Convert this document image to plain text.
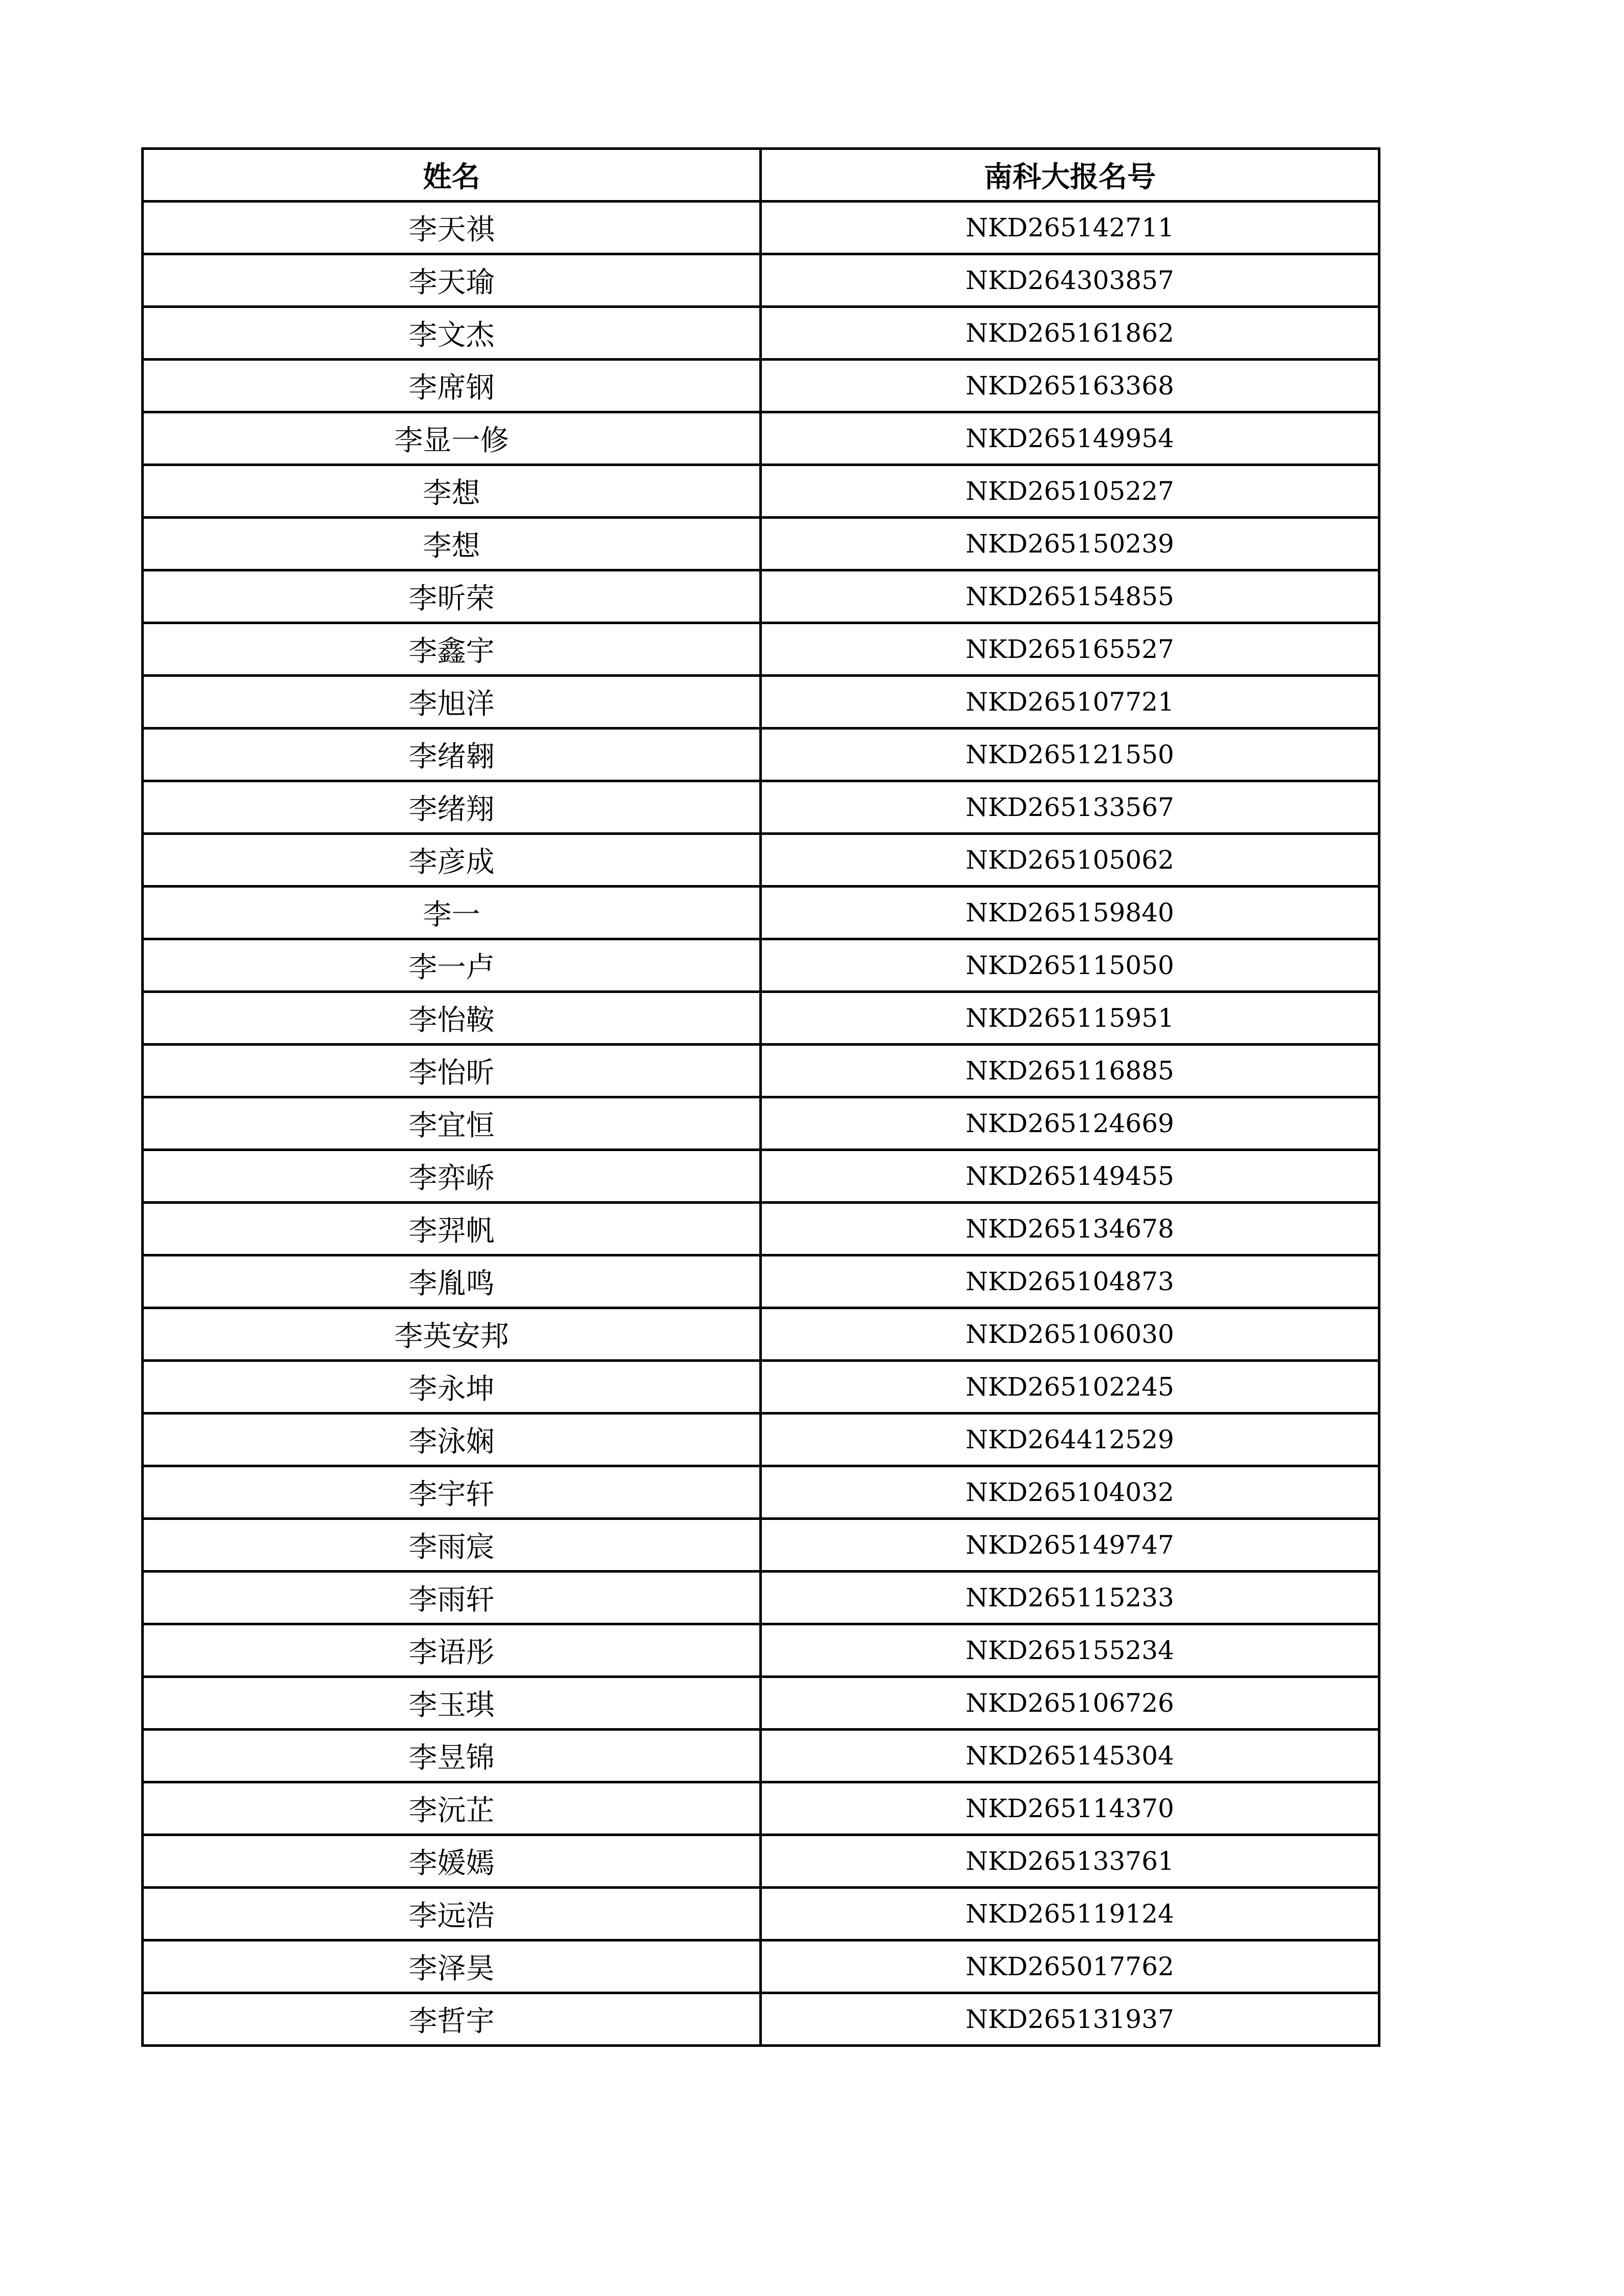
姓名	南科大报名号
李天祺	NKD265142711
李天瑜	NKD264303857
李文杰	NKD265161862
李席钢	NKD265163368
李显一修	NKD265149954
李想	NKD265105227
李想	NKD265150239
李昕荣	NKD265154855
李鑫宇	NKD265165527
李旭洋	NKD265107721
李绪翱	NKD265121550
李绪翔	NKD265133567
李彦成	NKD265105062
李一	NKD265159840
李一卢	NKD265115050
李怡鞍	NKD265115951
李怡昕	NKD265116885
李宜恒	NKD265124669
李弈峤	NKD265149455
李羿帆	NKD265134678
李胤鸣	NKD265104873
李英安邦	NKD265106030
李永坤	NKD265102245
李泳娴	NKD264412529
李宇轩	NKD265104032
李雨宸	NKD265149747
李雨轩	NKD265115233
李语彤	NKD265155234
李玉琪	NKD265106726
李昱锦	NKD265145304
李沅芷	NKD265114370
李媛嫣	NKD265133761
李远浩	NKD265119124
李泽昊	NKD265017762
李哲宇	NKD265131937
